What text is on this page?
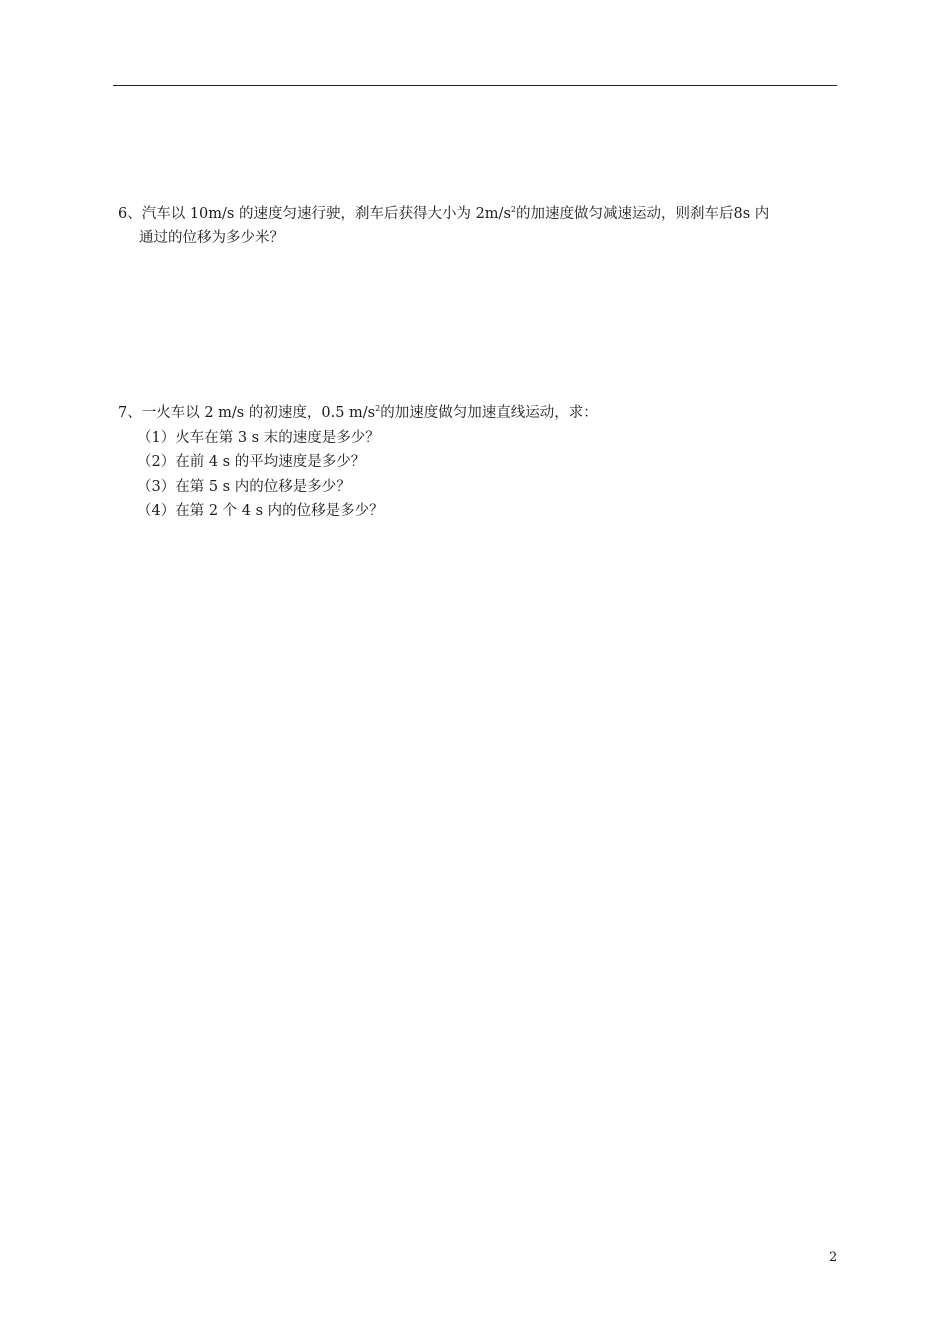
6、汽车以 10m/s 的速度匀速行驶，刹车后获得大小为 $2m/s^2$的加速度做匀减速运动，则刹车后8s 内
通过的位移为多少米？
7、一火车以 2 m/s 的初速度，0.5 $m/s^2$的加速度做匀加速直线运动，求：
（1）火车在第 3 s 末的速度是多少？
（2）在前 4 s 的平均速度是多少？
（3）在第 5 s 内的位移是多少？
（4）在第 2 个 4 s 内的位移是多少？
2
